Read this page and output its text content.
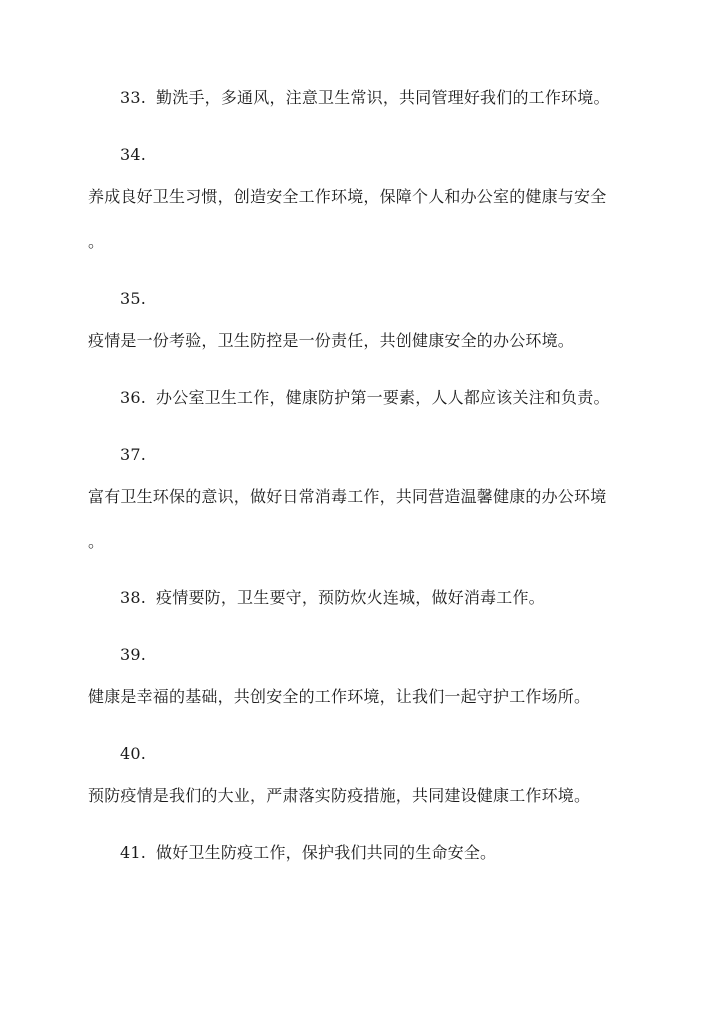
33. 勤洗手，多通风，注意卫生常识，共同管理好我们的工作环境。
34.
养成良好卫生习惯，创造安全工作环境，保障个人和办公室的健康与安全
。
35.
疫情是一份考验，卫生防控是一份责任，共创健康安全的办公环境。
36. 办公室卫生工作，健康防护第一要素，人人都应该关注和负责。
37.
富有卫生环保的意识，做好日常消毒工作，共同营造温馨健康的办公环境
。
38. 疫情要防，卫生要守，预防炊火连城，做好消毒工作。
39.
健康是幸福的基础，共创安全的工作环境，让我们一起守护工作场所。
40.
预防疫情是我们的大业，严肃落实防疫措施，共同建设健康工作环境。
41. 做好卫生防疫工作，保护我们共同的生命安全。
